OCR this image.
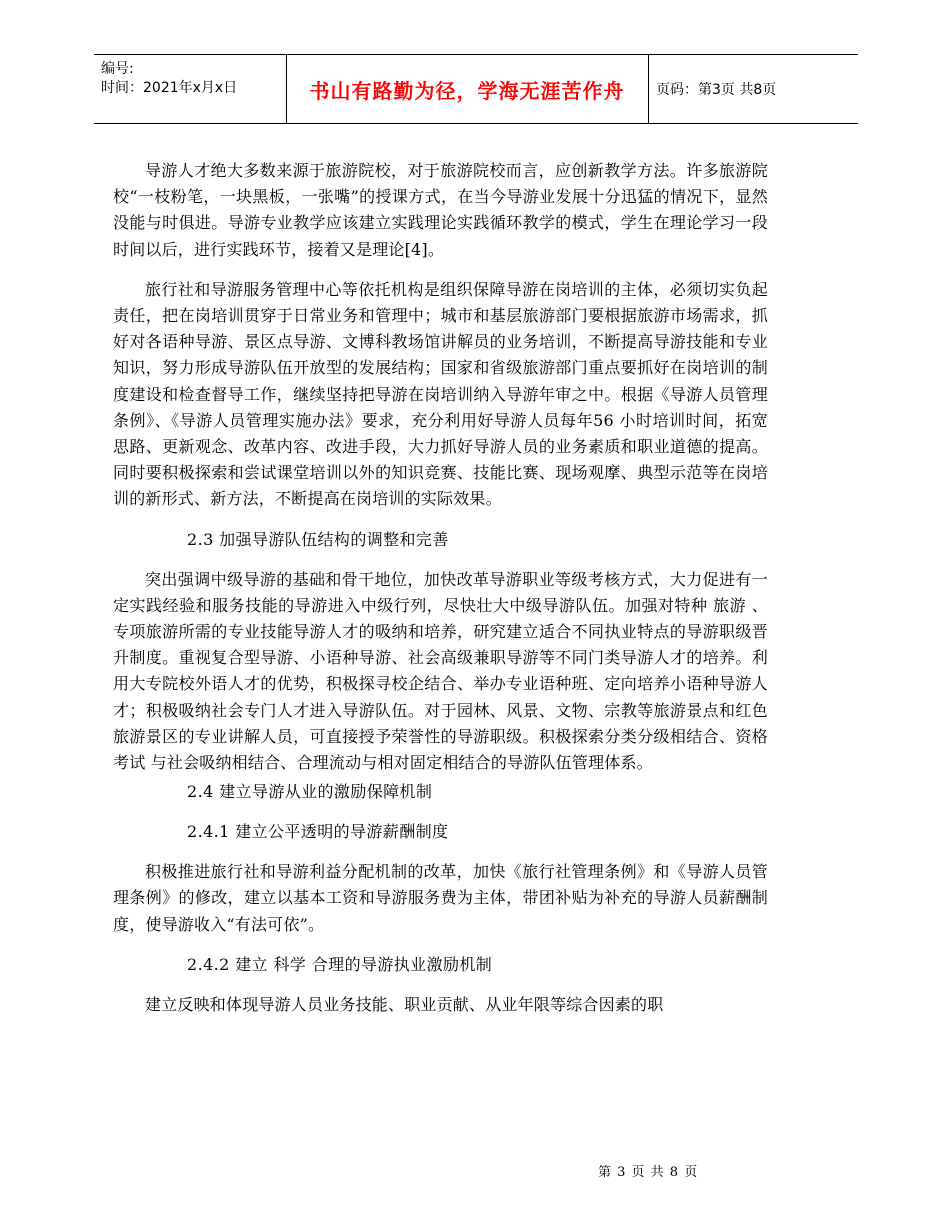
编号:
时间：2021年x月x日	书山有路勤为径，学海无涯苦作舟	页码：第3页 共8页

导游人才绝大多数来源于旅游院校，对于旅游院校而言，应创新教学方法。许多旅游院校“一枝粉笔，一块黑板，一张嘴”的授课方式，在当今导游业发展十分迅猛的情况下，显然没能与时俱进。导游专业教学应该建立实践理论实践循环教学的模式，学生在理论学习一段时间以后，进行实践环节，接着又是理论[4]。

旅行社和导游服务管理中心等依托机构是组织保障导游在岗培训的主体，必须切实负起责任，把在岗培训贯穿于日常业务和管理中；城市和基层旅游部门要根据旅游市场需求，抓好对各语种导游、景区点导游、文博科教场馆讲解员的业务培训，不断提高导游技能和专业知识，努力形成导游队伍开放型的发展结构；国家和省级旅游部门重点要抓好在岗培训的制度建设和检查督导工作，继续坚持把导游在岗培训纳入导游年审之中。根据《导游人员管理条例》、《导游人员管理实施办法》要求，充分利用好导游人员每年56 小时培训时间，拓宽思路、更新观念、改革内容、改进手段，大力抓好导游人员的业务素质和职业道德的提高。同时要积极探索和尝试课堂培训以外的知识竞赛、技能比赛、现场观摩、典型示范等在岗培训的新形式、新方法，不断提高在岗培训的实际效果。

2.3 加强导游队伍结构的调整和完善

突出强调中级导游的基础和骨干地位，加快改革导游职业等级考核方式，大力促进有一定实践经验和服务技能的导游进入中级行列，尽快壮大中级导游队伍。加强对特种 旅游 、专项旅游所需的专业技能导游人才的吸纳和培养，研究建立适合不同执业特点的导游职级晋升制度。重视复合型导游、小语种导游、社会高级兼职导游等不同门类导游人才的培养。利用大专院校外语人才的优势，积极探寻校企结合、举办专业语种班、定向培养小语种导游人才；积极吸纳社会专门人才进入导游队伍。对于园林、风景、文物、宗教等旅游景点和红色旅游景区的专业讲解人员，可直接授予荣誉性的导游职级。积极探索分类分级相结合、资格 考试 与社会吸纳相结合、合理流动与相对固定相结合的导游队伍管理体系。

2.4 建立导游从业的激励保障机制

2.4.1 建立公平透明的导游薪酬制度

积极推进旅行社和导游利益分配机制的改革，加快《旅行社管理条例》和《导游人员管理条例》的修改，建立以基本工资和导游服务费为主体，带团补贴为补充的导游人员薪酬制度，使导游收入“有法可依”。

2.4.2 建立 科学 合理的导游执业激励机制

建立反映和体现导游人员业务技能、职业贡献、从业年限等综合因素的职

第 3 页 共 8 页
